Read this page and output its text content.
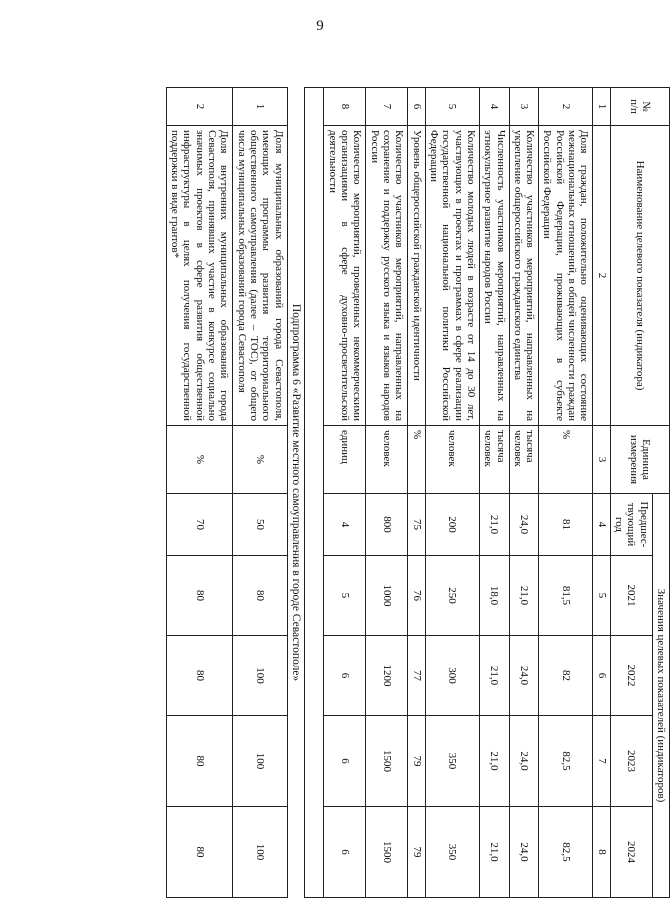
9
№
п/п	Наименование целевого показателя (индикатора)	Единица измерения	Значения целевых показателей (индикаторов)				
			Предшес-твующий год	2021	2022	2023	2024
1	2	3	4	5	6	7	8
2	Доля граждан, положительно оценивающих состояние межнациональных отношений, в общей численности граждан Российской Федерации, проживающих в субъекте Российской Федерации	%	81	81,5	82	82,5	82,5
3	Количество участников мероприятий, направленных на укрепление общероссийского гражданского единства	тысяча человек	24,0	21,0	24,0	24,0	24,0
4	Численность участников мероприятий, направленных на этнокультурное развитие народов России	тысяча человек	21,0	18,0	21,0	21,0	21,0
5	Количество молодых людей в возрасте от 14 до 30 лет, участвующих в проектах и программах в сфере реализации государственной национальной политики Российской Федерации	человек	200	250	300	350	350
6	Уровень общероссийской гражданской идентичности	%	75	76	77	79	79
7	Количество участников мероприятий, направленных на сохранение и поддержку русского языка и языков народов России	человек	800	1000	1200	1500	1500
8	Количество мероприятий, проведенных некоммерческими организациями в сфере духовно-просветительской деятельности	единиц	4	5	6	6	6

Подпрограмма 6 «Развитие местного самоуправления в городе Севастополе»							
1	Доля муниципальных образований города Севастополя, имеющих программы развития территориального общественного самоуправления (далее – ТОС), от общего числа муниципальных образований города Севастополя	%	50	80	100	100	100
2	Доля внутренних муниципальных образований города Севастополя, принявших участие в конкурсе социально значимых проектов в сфере развития общественной инфраструктуры в целях получения государственной поддержки в виде грантов*	%	70	80	80	80	80
